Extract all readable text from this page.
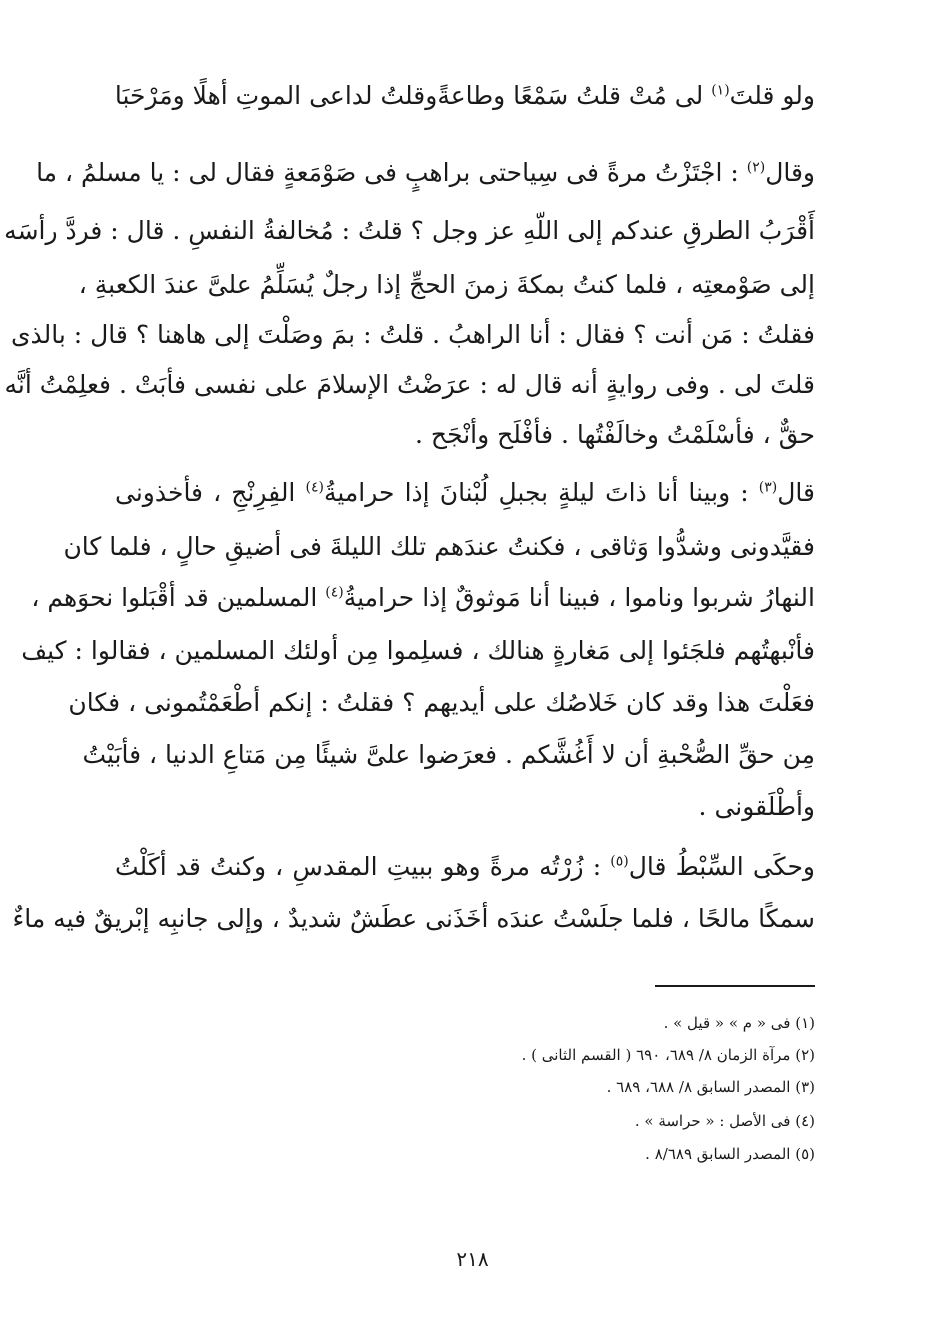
ولو قلتَ$^{(١)}$ لى مُتْ قلتُ سَمْعًا وطاعةً
وقلتُ لداعى الموتِ أهلًا ومَرْحَبَا
وقال$^{(٢)}$ : اجْتَزْتُ مرةً فى سِياحتى براهبٍ فى صَوْمَعةٍ فقال لى : يا مسلمُ ، ما
أَقْرَبُ الطرقِ عندكم إلى اللّهِ عز وجل ؟ قلتُ : مُخالفةُ النفسِ . قال : فردَّ رأسَه
إلى صَوْمعتِه ، فلما كنتُ بمكةَ زمنَ الحجِّ إذا رجلٌ يُسَلِّمُ علىَّ عندَ الكعبةِ ،
فقلتُ : مَن أنت ؟ فقال : أنا الراهبُ . قلتُ : بمَ وصَلْتَ إلى هاهنا ؟ قال : بالذى
قلتَ لى . وفى روايةٍ أنه قال له : عرَضْتُ الإسلامَ على نفسى فأبَتْ . فعلِمْتُ أنَّه
حقٌّ ، فأسْلَمْتُ وخالَفْتُها . فأفْلَح وأنْجَح .
قال$^{(٣)}$ : وبينا أنا ذاتَ ليلةٍ بجبلِ لُبْنانَ إذا حراميةُ$^{(٤)}$ الفِرِنْجِ ، فأخذونى
فقيَّدونى وشدُّوا وَثاقى ، فكنتُ عندَهم تلك الليلةَ فى أضيقِ حالٍ ، فلما كان
النهارُ شربوا وناموا ، فبينا أنا مَوثوقٌ إذا حراميةُ$^{(٤)}$ المسلمين قد أقْبَلوا نحوَهم ،
فأنْبهتُهم فلجَئوا إلى مَغارةٍ هنالك ، فسلِموا مِن أولئك المسلمين ، فقالوا : كيف
فعَلْتَ هذا وقد كان خَلاصُك على أيديهم ؟ فقلتُ : إنكم أطْعَمْتُمونى ، فكان
مِن حقِّ الصُّحْبةِ أن لا أَغُشَّكم . فعرَضوا علىَّ شيئًا مِن مَتاعِ الدنيا ، فأبَيْتُ
وأطْلَقونى .
وحكَى السِّبْطُ قال$^{(٥)}$ : زُرْتُه مرةً وهو ببيتِ المقدسِ ، وكنتُ قد أكَلْتُ
سمكًا مالحًا ، فلما جلَسْتُ عندَه أخَذَنى عطَشٌ شديدٌ ، وإلى جانبِه إبْريقٌ فيه ماءٌ
(١) فى « م » « قيل » .
(٢) مرآة الزمان ٨/ ٦٨٩، ٦٩٠ ( القسم الثانى ) .
(٣) المصدر السابق ٨/ ٦٨٨، ٦٨٩ .
(٤) فى الأصل : « حراسة » .
(٥) المصدر السابق ٨/٦٨٩ .
٢١٨
